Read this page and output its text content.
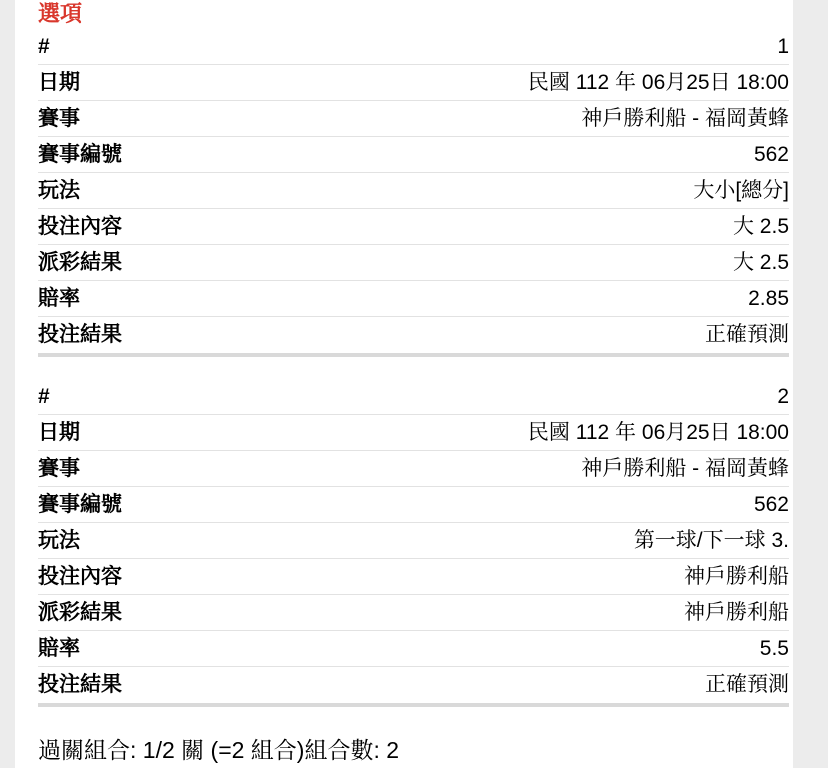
選項
#	1
日期	民國 112 年 06月25日 18:00
賽事	神戶勝利船 - 福岡黃蜂
賽事編號	562
玩法	大小[總分]
投注內容	大 2.5
派彩結果	大 2.5
賠率	2.85
投注結果	正確預測
#	2
日期	民國 112 年 06月25日 18:00
賽事	神戶勝利船 - 福岡黃蜂
賽事編號	562
玩法	第一球/下一球 3.
投注內容	神戶勝利船
派彩結果	神戶勝利船
賠率	5.5
投注結果	正確預測
過關組合: 1/2 關 (=2 組合)組合數: 2
